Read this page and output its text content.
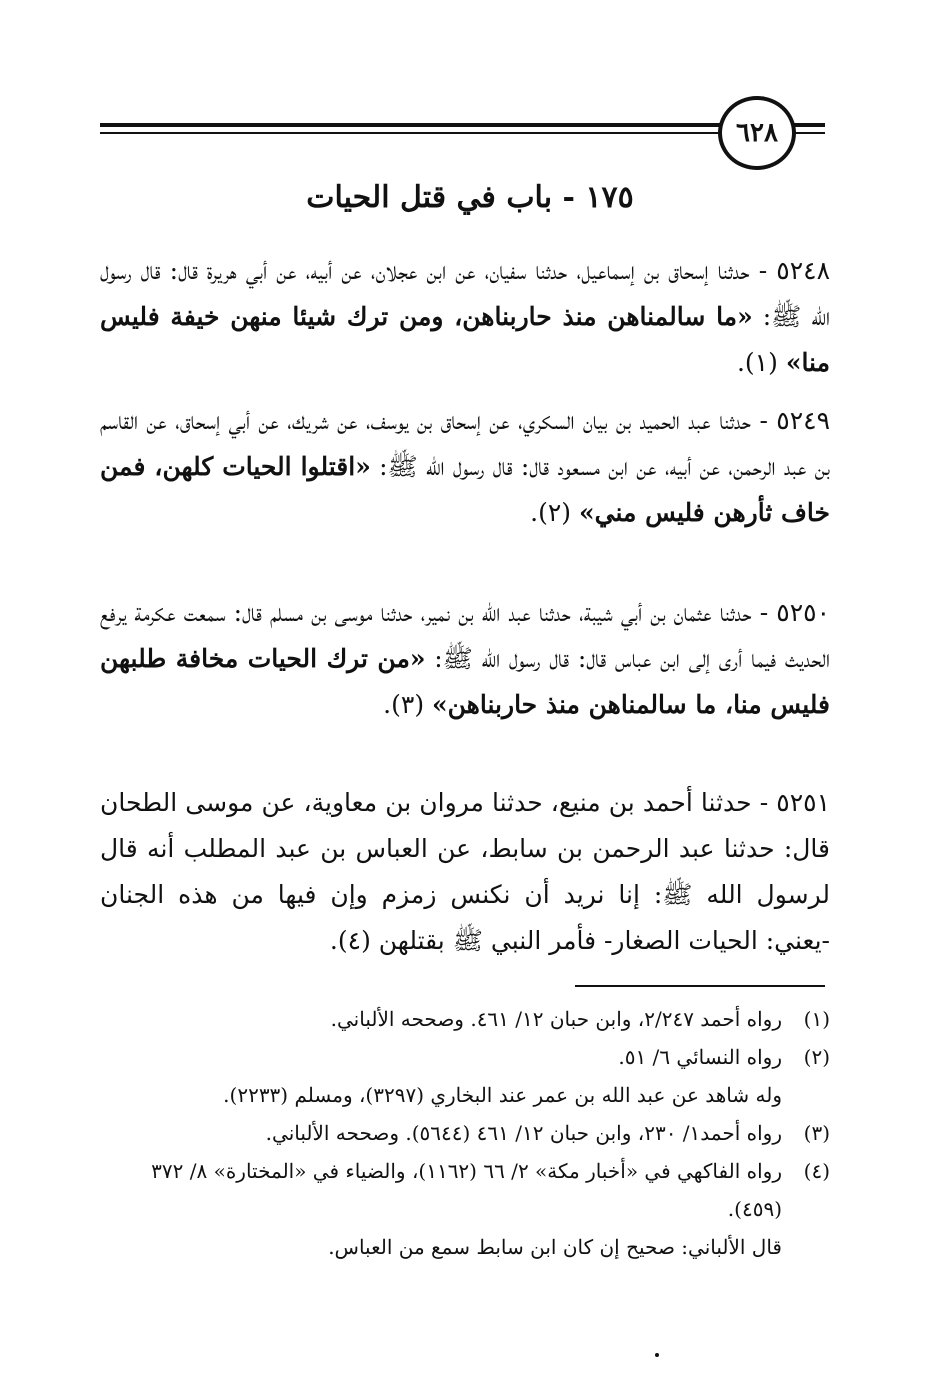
٦٢٨
١٧٥ - باب في قتل الحيات
٥٢٤٨ - حدثنا إسحاق بن إسماعيل، حدثنا سفيان، عن ابن عجلان، عن أبيه، عن أبي هريرة قال: قال رسول الله ﷺ: «ما سالمناهن منذ حاربناهن، ومن ترك شيئا منهن خيفة فليس منا» (١).
٥٢٤٩ - حدثنا عبد الحميد بن بيان السكري، عن إسحاق بن يوسف، عن شريك، عن أبي إسحاق، عن القاسم بن عبد الرحمن، عن أبيه، عن ابن مسعود قال: قال رسول الله ﷺ: «اقتلوا الحيات كلهن، فمن خاف ثأرهن فليس مني» (٢).
٥٢٥٠ - حدثنا عثمان بن أبي شيبة، حدثنا عبد الله بن نمير، حدثنا موسى بن مسلم قال: سمعت عكرمة يرفع الحديث فيما أرى إلى ابن عباس قال: قال رسول الله ﷺ: «من ترك الحيات مخافة طلبهن فليس منا، ما سالمناهن منذ حاربناهن» (٣).
٥٢٥١ - حدثنا أحمد بن منيع، حدثنا مروان بن معاوية، عن موسى الطحان قال: حدثنا عبد الرحمن بن سابط، عن العباس بن عبد المطلب أنه قال لرسول الله ﷺ: إنا نريد أن نكنس زمزم وإن فيها من هذه الجنان -يعني: الحيات الصغار- فأمر النبي ﷺ بقتلهن (٤).
(١)
رواه أحمد ٢/٢٤٧، وابن حبان ١٢/ ٤٦١. وصححه الألباني.
(٢)
رواه النسائي ٦/ ٥١.
وله شاهد عن عبد الله بن عمر عند البخاري (٣٢٩٧)، ومسلم (٢٢٣٣).
(٣)
رواه أحمد١/ ٢٣٠، وابن حبان ١٢/ ٤٦١ (٥٦٤٤). وصححه الألباني.
(٤)
رواه الفاكهي في «أخبار مكة» ٢/ ٦٦ (١١٦٢)، والضياء في «المختارة» ٨/ ٣٧٢ (٤٥٩).
قال الألباني: صحيح إن كان ابن سابط سمع من العباس.
